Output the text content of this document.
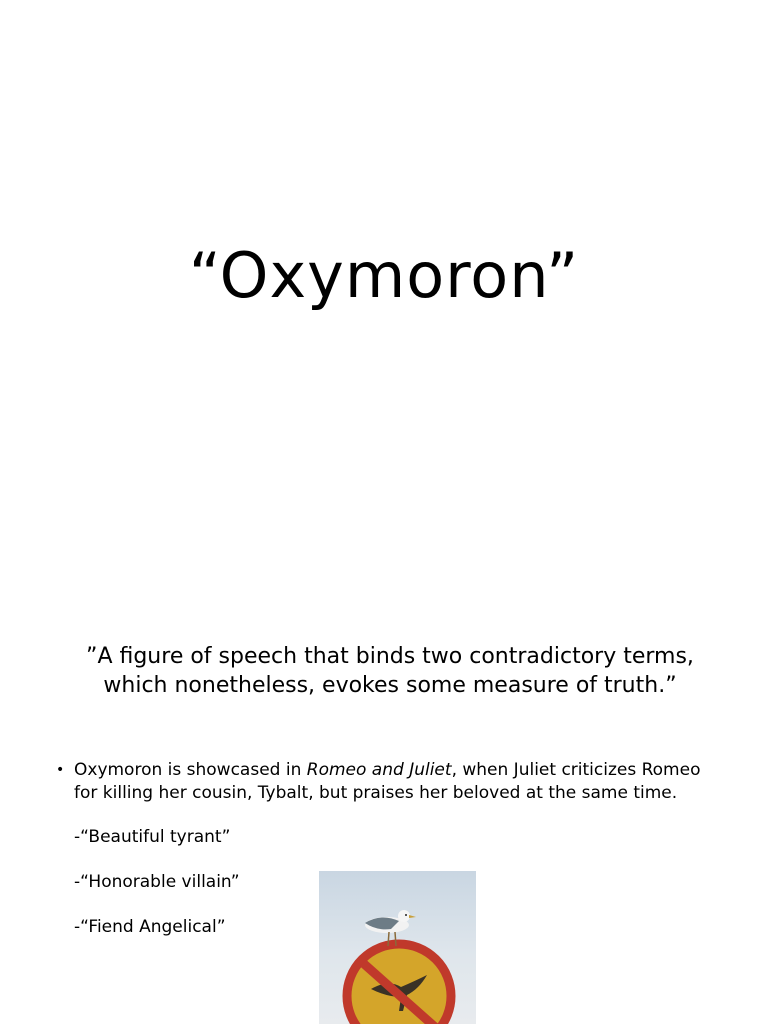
“Oxymoron”
”A figure of speech that binds two contradictory terms, which nonetheless, evokes some measure of truth.”
• Oxymoron is showcased in Romeo and Juliet, when Juliet criticizes Romeo for killing her cousin, Tybalt, but praises her beloved at the same time.
-“Beautiful tyrant”
-“Honorable villain”
-“Fiend Angelical”
